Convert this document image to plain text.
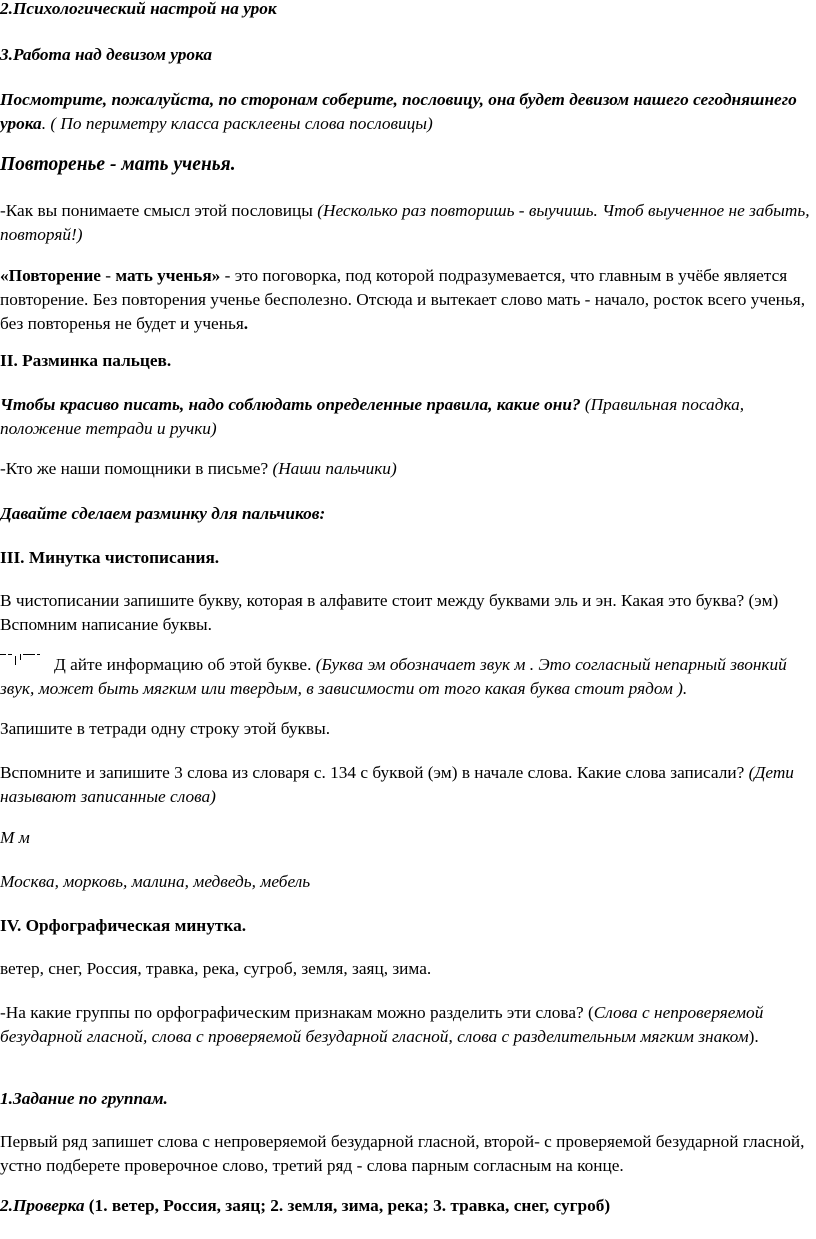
2.Психологический настрой на урок

3.Работа над девизом урока

Посмотрите, пожалуйста, по сторонам соберите, пословицу, она будет девизом нашего сегодняшнего урока. ( По периметру класса расклеены слова пословицы)

Повторенье - мать ученья.

-Как вы понимаете смысл этой пословицы (Несколько раз повторишь - выучишь. Чтоб выученное не забыть, повторяй!)

«Повторение - мать ученья» - это поговорка, под которой подразумевается, что главным в учёбе является повторение. Без повторения ученье бесполезно. Отсюда и вытекает слово мать - начало, росток всего ученья, без повторенья не будет и ученья.

II. Разминка пальцев.

Чтобы красиво писать, надо соблюдать определенные правила, какие они? (Правильная посадка, положение тетради и ручки)

-Кто же наши помощники в письме? (Наши пальчики)

Давайте сделаем разминку для пальчиков:

III. Минутка чистописания.

В чистописании запишите букву, которая в алфавите стоит между буквами эль и эн. Какая это буква? (эм) Вспомним написание буквы.

Д айте информацию об этой букве. (Буква эм обозначает звук м . Это согласный непарный звонкий звук, может быть мягким или твердым, в зависимости от того какая буква стоит рядом ).

Запишите в тетради одну строку этой буквы.

Вспомните и запишите 3 слова из словаря с. 134 с буквой (эм) в начале слова. Какие слова записали? (Дети называют записанные слова)

М м

Москва, морковь, малина, медведь, мебель

IV. Орфографическая минутка.

ветер, снег, Россия, травка, река, сугроб, земля, заяц, зима.

-На какие группы по орфографическим признакам можно разделить эти слова? (Слова с непроверяемой безударной гласной, слова с проверяемой безударной гласной, слова с разделительным мягким знаком).

1.Задание по группам.

Первый ряд запишет слова с непроверяемой безударной гласной, второй- с проверяемой безударной гласной, устно подберете проверочное слово, третий ряд - слова парным согласным на конце.

2.Проверка (1. ветер, Россия, заяц; 2. земля, зима, река; 3. травка, снег, сугроб)
